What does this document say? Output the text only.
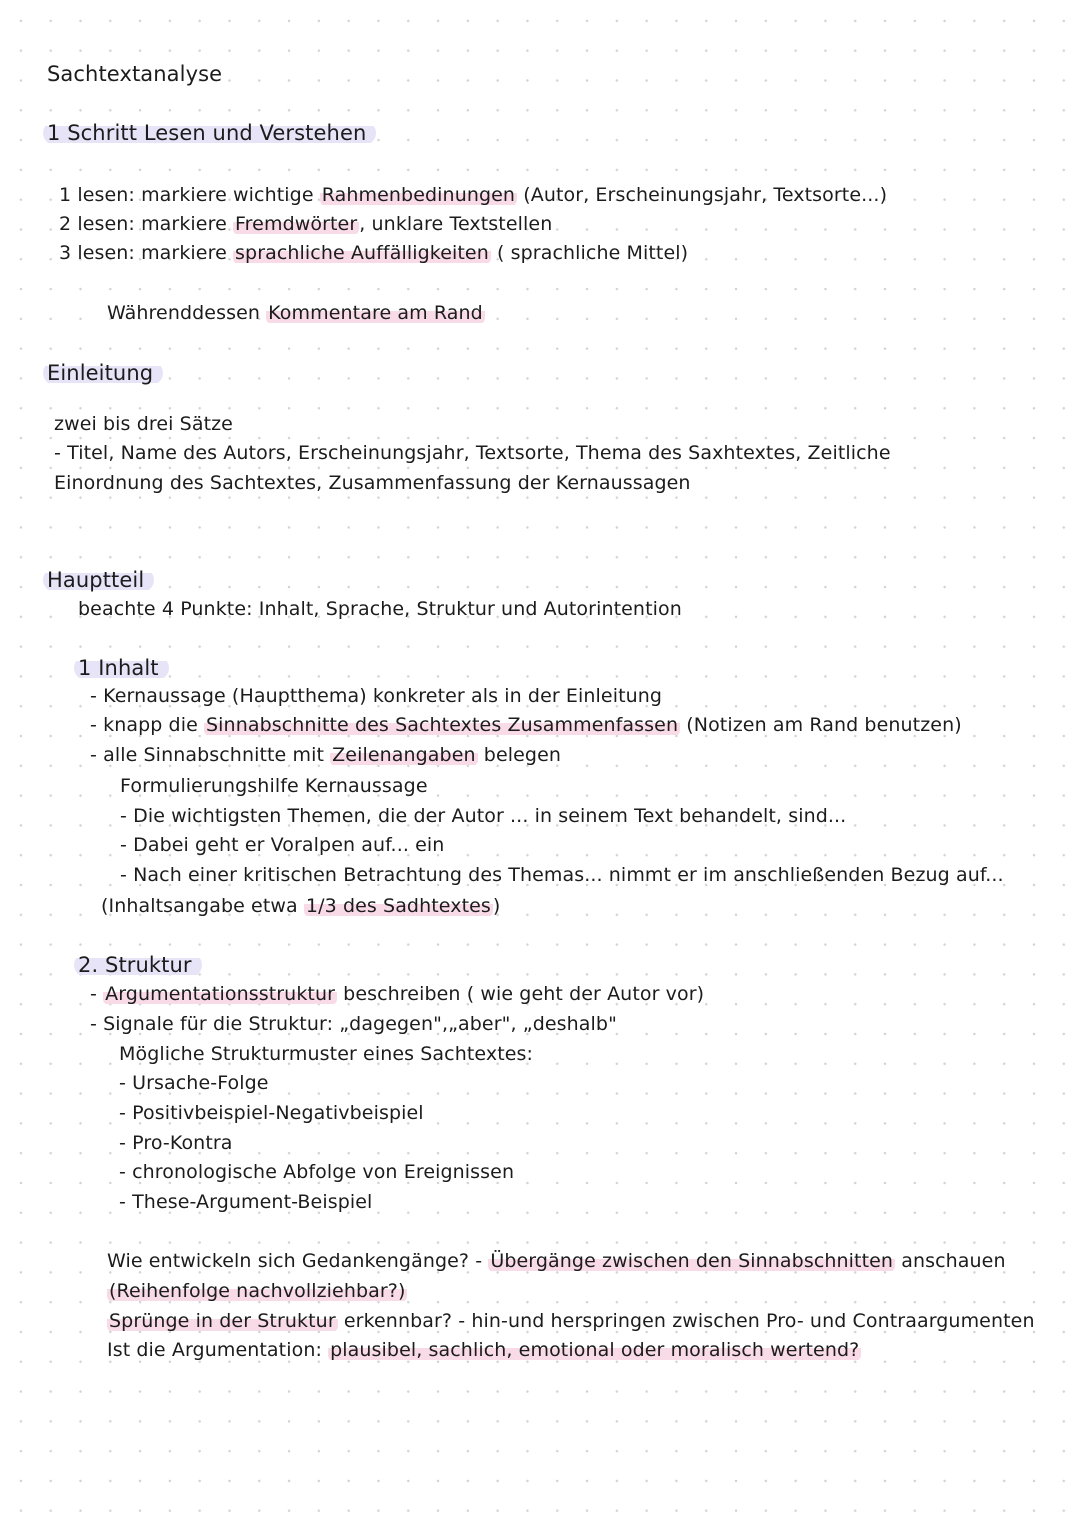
Sachtextanalyse
1 Schritt Lesen und Verstehen
1 lesen: markiere wichtige Rahmenbedinungen (Autor, Erscheinungsjahr, Textsorte...)
2 lesen: markiere Fremdwörter , unklare Textstellen
3 lesen: markiere sprachliche Auffälligkeiten ( sprachliche Mittel)
Währenddessen Kommentare am Rand
Einleitung
zwei bis drei Sätze
- Titel, Name des Autors, Erscheinungsjahr, Textsorte, Thema des Saxhtextes, Zeitliche
Einordnung des Sachtextes, Zusammenfassung der Kernaussagen
Hauptteil
beachte 4 Punkte: Inhalt, Sprache, Struktur und Autorintention
1 Inhalt
- Kernaussage (Hauptthema) konkreter als in der Einleitung
- knapp die Sinnabschnitte des Sachtextes Zusammenfassen (Notizen am Rand benutzen)
- alle Sinnabschnitte mit Zeilenangaben belegen
Formulierungshilfe Kernaussage
- Die wichtigsten Themen, die der Autor ... in seinem Text behandelt, sind...
- Dabei geht er Voralpen auf... ein
- Nach einer kritischen Betrachtung des Themas... nimmt er im anschließenden Bezug auf...
(Inhaltsangabe etwa 1/3 des Sadhtextes )
2. Struktur
- Argumentationsstruktur beschreiben ( wie geht der Autor vor)
- Signale für die Struktur: „dagegen",„aber", „deshalb"
Mögliche Strukturmuster eines Sachtextes:
- Ursache-Folge
- Positivbeispiel-Negativbeispiel
- Pro-Kontra
- chronologische Abfolge von Ereignissen
- These-Argument-Beispiel
Wie entwickeln sich Gedankengänge? - Übergänge zwischen den Sinnabschnitten anschauen
(Reihenfolge nachvollziehbar?)
Sprünge in der Struktur erkennbar? - hin-und herspringen zwischen Pro- und Contraargumenten
Ist die Argumentation: plausibel, sachlich, emotional oder moralisch wertend?
